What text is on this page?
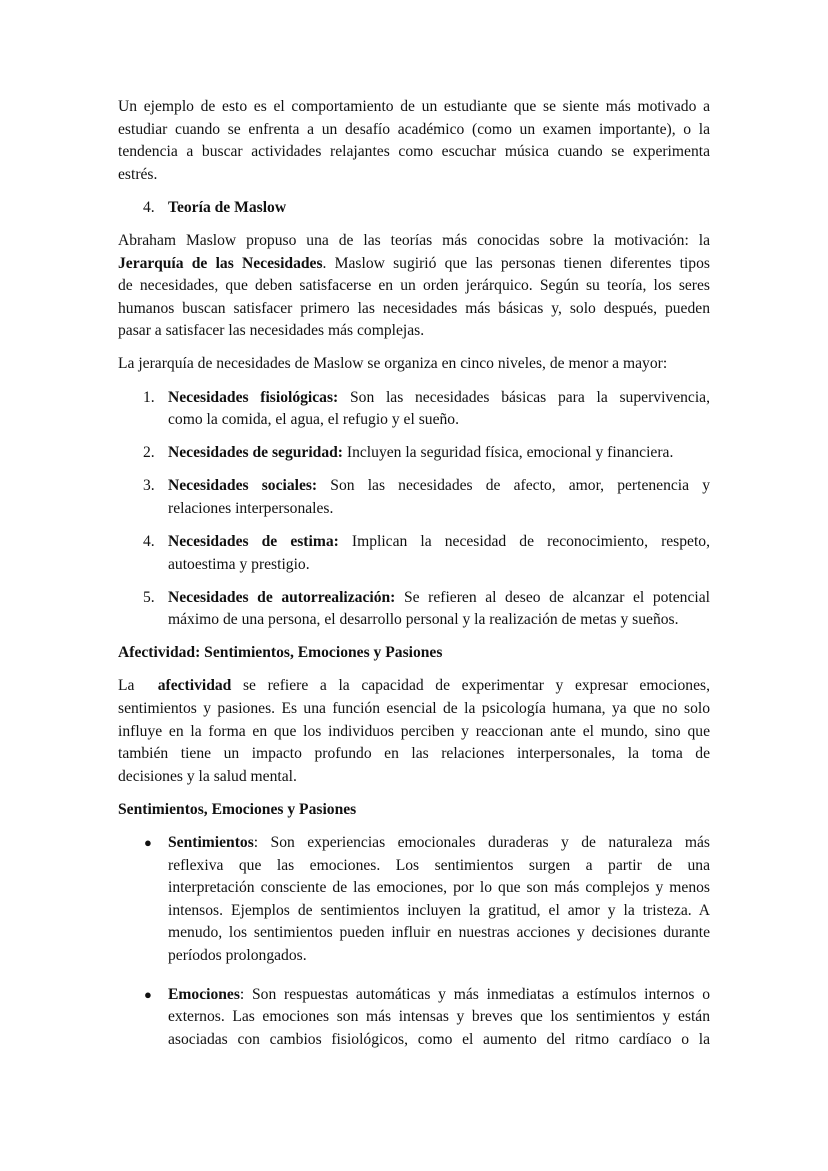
Un ejemplo de esto es el comportamiento de un estudiante que se siente más motivado a
estudiar cuando se enfrenta a un desafío académico (como un examen importante), o la
tendencia a buscar actividades relajantes como escuchar música cuando se experimenta
estrés.
4. Teoría de Maslow
Abraham Maslow propuso una de las teorías más conocidas sobre la motivación: la
Jerarquía de las Necesidades. Maslow sugirió que las personas tienen diferentes tipos
de necesidades, que deben satisfacerse en un orden jerárquico. Según su teoría, los seres
humanos buscan satisfacer primero las necesidades más básicas y, solo después, pueden
pasar a satisfacer las necesidades más complejas.
La jerarquía de necesidades de Maslow se organiza en cinco niveles, de menor a mayor:
1. Necesidades fisiológicas: Son las necesidades básicas para la supervivencia,
como la comida, el agua, el refugio y el sueño.
2. Necesidades de seguridad: Incluyen la seguridad física, emocional y financiera.
3. Necesidades sociales: Son las necesidades de afecto, amor, pertenencia y
relaciones interpersonales.
4. Necesidades de estima: Implican la necesidad de reconocimiento, respeto,
autoestima y prestigio.
5. Necesidades de autorrealización: Se refieren al deseo de alcanzar el potencial
máximo de una persona, el desarrollo personal y la realización de metas y sueños.
Afectividad: Sentimientos, Emociones y Pasiones
La  afectividad se refiere a la capacidad de experimentar y expresar emociones,
sentimientos y pasiones. Es una función esencial de la psicología humana, ya que no solo
influye en la forma en que los individuos perciben y reaccionan ante el mundo, sino que
también tiene un impacto profundo en las relaciones interpersonales, la toma de
decisiones y la salud mental.
Sentimientos, Emociones y Pasiones
● Sentimientos: Son experiencias emocionales duraderas y de naturaleza más
reflexiva que las emociones. Los sentimientos surgen a partir de una
interpretación consciente de las emociones, por lo que son más complejos y menos
intensos. Ejemplos de sentimientos incluyen la gratitud, el amor y la tristeza. A
menudo, los sentimientos pueden influir en nuestras acciones y decisiones durante
períodos prolongados.
● Emociones: Son respuestas automáticas y más inmediatas a estímulos internos o
externos. Las emociones son más intensas y breves que los sentimientos y están
asociadas con cambios fisiológicos, como el aumento del ritmo cardíaco o la
